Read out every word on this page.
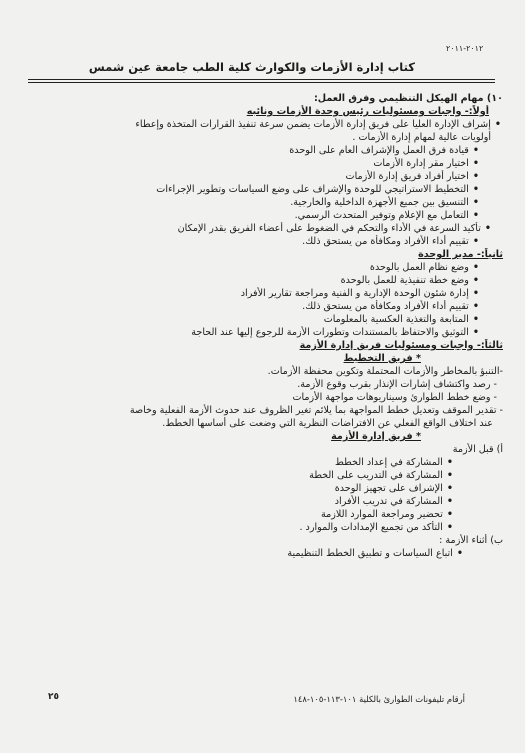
٢٠١٢-٢٠١١
كتاب إدارة الأزمات والكوارث كلية الطب جامعة عين شمس
١٠) مهام الهيكل التنظيمي وفرق العمل:
أولاً:- واجبات ومسئوليات رئيس وحدة الأزمات ونائبه
• إشراف الإدارة العليا على فريق إدارة الأزمات يضمن سرعة تنفيذ القرارات المتخذة وإعطاء
أولويات عالية لمهام إدارة الأزمات .
• قيادة فرق العمل والإشراف العام على الوحدة
• اختيار مقر إدارة الأزمات
• اختيار أفراد فريق إدارة الأزمات
• التخطيط الاستراتيجي للوحدة والإشراف على وضع السياسات وتطوير الإجراءات
• التنسيق بين جميع الأجهزة الداخلية والخارجية.
• التعامل مع الإعلام وتوفير المتحدث الرسمي.
• تأكيد السرعة في الأداء والتحكم في الضغوط على أعضاء الفريق بقدر الإمكان
• تقييم أداء الأفراد ومكافأة من يستحق ذلك.
ثانياً:- مدير الوحدة
• وضع نظام العمل بالوحدة
• وضع خطة تنفيذية للعمل بالوحدة
• إدارة شئون الوحدة الإدارية و الفنية ومراجعة تقارير الأفراد
• تقييم أداء الأفراد ومكافأة من يستحق ذلك.
• المتابعة والتغذية العكسية بالمعلومات
• التوثيق والاحتفاظ بالمستندات وتطورات الأزمة للرجوع إليها عند الحاجة
ثالثاً:- واجبات ومسئوليات فريق إدارة الأزمة
* فريق التخطيط
-التنبؤ بالمخاطر والأزمات المحتملة وتكوين محفظة الأزمات.
- رصد واكتشاف إشارات الإنذار بقرب وقوع الأزمة.
- وضع خطط الطوارئ وسيناريوهات مواجهة الأزمات
- تقدير الموقف وتعديل خطط المواجهة بما يلائم تغير الظروف عند حدوث الأزمة الفعلية وخاصة
عند اختلاف الواقع الفعلي عن الافتراضات النظرية التي وضعت على أساسها الخطط.
* فريق إدارة الأزمة
أ) قبل الأزمة
• المشاركة في إعداد الخطط
• المشاركة في التدريب على الخطة
• الإشراف على تجهيز الوحدة
• المشاركة في تدريب الأفراد
• تحضير ومراجعة الموارد اللازمة
• التأكد من تجميع الإمدادات والموارد .
ب) أثناء الأزمة :
• اتباع السياسات و تطبيق الخطط التنظيمية
أرقام تليفونات الطوارئ بالكلية ١٠١-١١٣-١٠٥-١٤٨
٢٥
